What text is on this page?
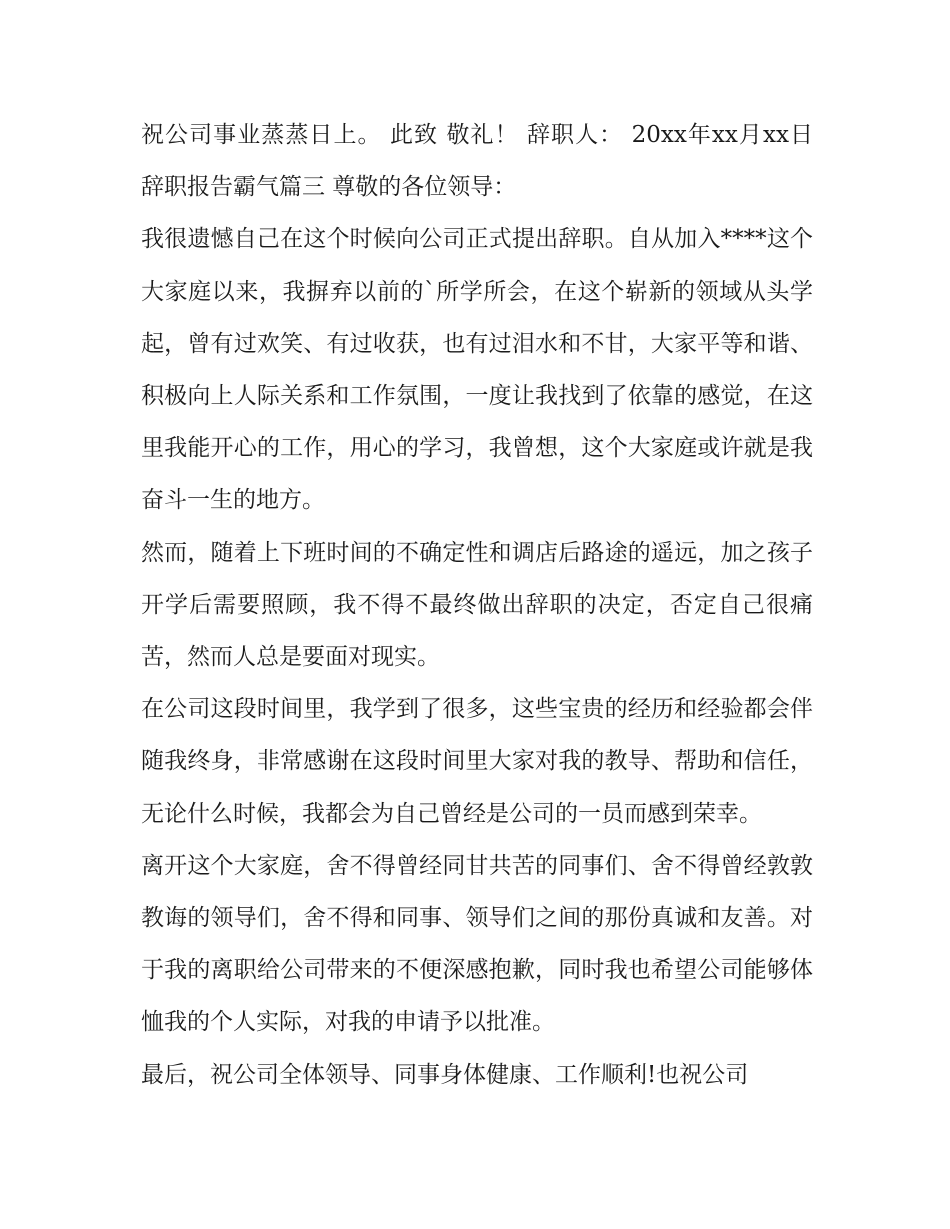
祝公司事业蒸蒸日上。 此致 敬礼！ 辞职人： 20xx年xx月xx日 辞职报告霸气篇三 尊敬的各位领导：

我很遗憾自己在这个时候向公司正式提出辞职。自从加入****这个大家庭以来，我摒弃以前的`所学所会，在这个崭新的领域从头学起，曾有过欢笑、有过收获，也有过泪水和不甘，大家平等和谐、积极向上人际关系和工作氛围，一度让我找到了依靠的感觉，在这里我能开心的工作，用心的学习，我曾想，这个大家庭或许就是我奋斗一生的地方。

然而，随着上下班时间的不确定性和调店后路途的遥远，加之孩子开学后需要照顾，我不得不最终做出辞职的决定，否定自己很痛苦，然而人总是要面对现实。

在公司这段时间里，我学到了很多，这些宝贵的经历和经验都会伴随我终身，非常感谢在这段时间里大家对我的教导、帮助和信任，无论什么时候，我都会为自己曾经是公司的一员而感到荣幸。

离开这个大家庭，舍不得曾经同甘共苦的同事们、舍不得曾经敦敦教诲的领导们，舍不得和同事、领导们之间的那份真诚和友善。对于我的离职给公司带来的不便深感抱歉，同时我也希望公司能够体恤我的个人实际，对我的申请予以批准。

最后，祝公司全体领导、同事身体健康、工作顺利!也祝公司
